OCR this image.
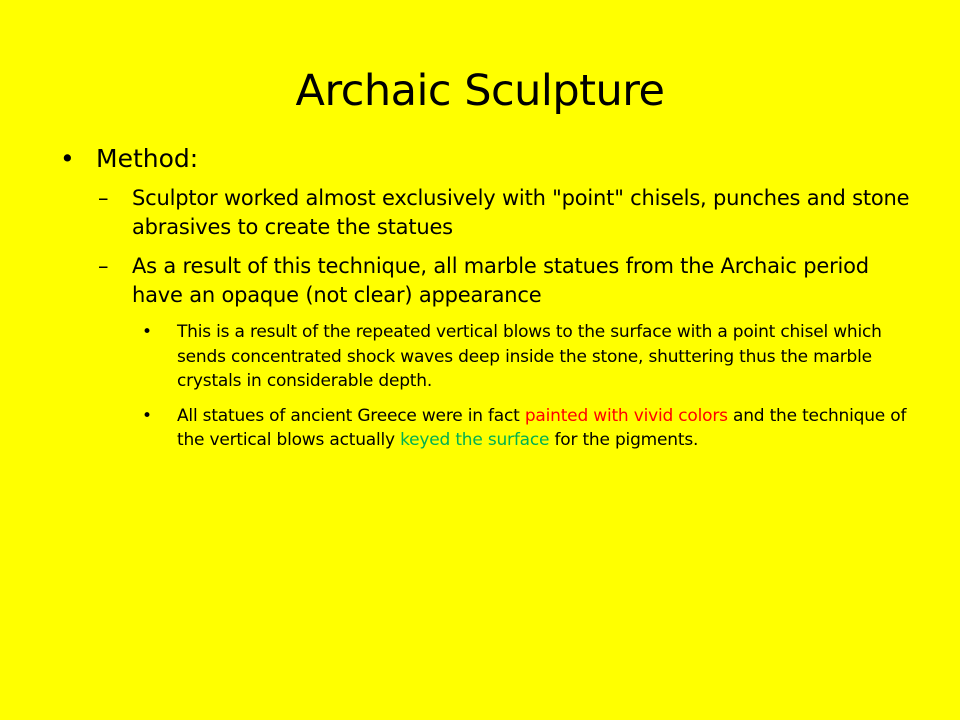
Archaic Sculpture
• Method:
– Sculptor worked almost exclusively with "point" chisels, punches and stone abrasives to create the statues
– As a result of this technique, all marble statues from the Archaic period have an opaque (not clear) appearance
• This is a result of the repeated vertical blows to the surface with a point chisel which sends concentrated shock waves deep inside the stone, shuttering thus the marble crystals in considerable depth.
• All statues of ancient Greece were in fact painted with vivid colors and the technique of the vertical blows actually keyed the surface for the pigments.
